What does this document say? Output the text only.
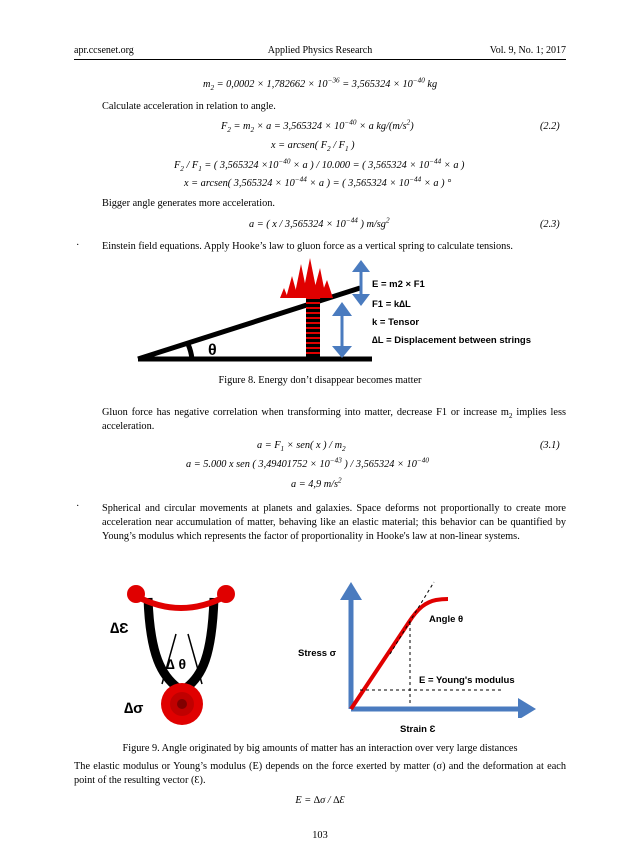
apr.ccsenet.org	Applied Physics Research	Vol. 9, No. 1; 2017
$m_2 = 0,0002 \times 1,782662 \times 10^{-36} = 3,565324 \times 10^{-40}$ kg
Calculate acceleration in relation to angle.
$F_2 = m_2 \times a = 3,565324 \times 10^{-40} \times a$ $kg/(m/s^2)$	(2.2)
x = arcsen( $F_2 / F_1$ )
$F_2 / F_1$ = ( $3,565324 \times 10^{-40} \times a$ ) / 10.000 = ( $3,565324 \times 10^{-44} \times a$ )
x = arcsen( $3,565324 \times 10^{-44} \times a$ ) = ( $3,565324 \times 10^{-44} \times a$ ) °
Bigger angle generates more acceleration.
a = ( $x / 3,565324 \times 10^{-44}$ ) $m/sg^2$	(2.3)
· Einstein field equations. Apply Hooke’s law to gluon force as a vertical spring to calculate tensions.
θ
E = m2 × F1
F1 = k∆L
k = Tensor
∆L = Displacement between strings
Figure 8. Energy don’t disappear becomes matter
Gluon force has negative correlation when transforming into matter, decrease F1 or increase $m_2$ implies less acceleration.
$a = F_1 \times sen$( x ) / $m_2$	(3.1)
a = 5.000 x sen ( $3,49401752 \times 10^{-43}$ ) / $3,565324 \times 10^{-40}$
a = 4,9 $m/s^2$
· Spherical and circular movements at planets and galaxies. Space deforms not proportionally to create more acceleration near accumulation of matter, behaving like an elastic material; this behavior can be quantified by Young’s modulus which represents the factor of proportionality in Hooke's law at non-linear systems.
∆Ɛ
∆ θ
∆σ
Angle θ
Stress σ
E = Young's modulus
Strain Ɛ
Figure 9. Angle originated by big amounts of matter has an interaction over very large distances
The elastic modulus or Young’s modulus (E) depends on the force exerted by matter (σ) and the deformation at each point of the resulting vector (Ɛ).
E = ∆σ / ∆Ɛ
103
